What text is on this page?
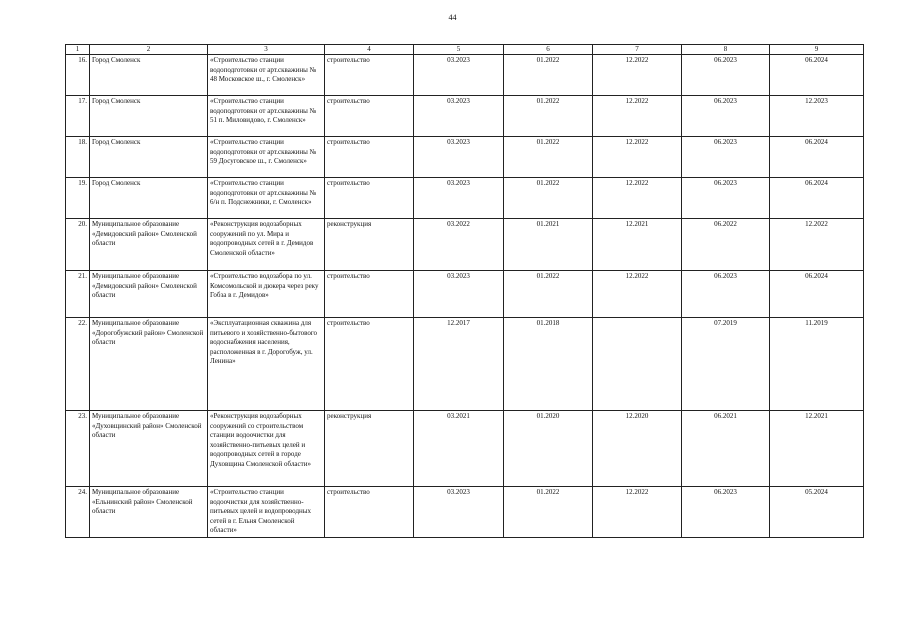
44
1	2	3	4	5	6	7	8	9
16.	Город Смоленск	«Строительство станции водоподготовки от арт.скважины № 48 Московское ш., г. Смоленск»	строительство	03.2023	01.2022	12.2022	06.2023	06.2024
17.	Город Смоленск	«Строительство станции водоподготовки от арт.скважины № 51 п. Миловидово, г. Смоленск»	строительство	03.2023	01.2022	12.2022	06.2023	12.2023
18.	Город Смоленск	«Строительство станции водоподготовки от арт.скважины № 59 Досуговское ш., г. Смоленск»	строительство	03.2023	01.2022	12.2022	06.2023	06.2024
19.	Город Смоленск	«Строительство станции водоподготовки от арт.скважины № 6/н п. Подснежники, г. Смоленск»	строительство	03.2023	01.2022	12.2022	06.2023	06.2024
20.	Муниципальное образование «Демидовский район» Смоленской области	«Реконструкция водозаборных сооружений по ул. Мира и водопроводных сетей в г. Демидов Смоленской области»	реконструкция	03.2022	01.2021	12.2021	06.2022	12.2022
21.	Муниципальное образование «Демидовский район» Смоленской области	«Строительство водозабора по ул. Комсомольской и дюкера через реку Гобза в г. Демидов»	строительство	03.2023	01.2022	12.2022	06.2023	06.2024
22.	Муниципальное образование «Дорогобужский район» Смоленской области	«Эксплуатационная скважина для питьевого и хозяйственно-бытового водоснабжения населения, расположенная в г. Дорогобуж, ул. Ленина»	строительство	12.2017	01.2018		07.2019	11.2019
23.	Муниципальное образование «Духовщинский район» Смоленской области	«Реконструкция водозаборных сооружений со строительством станции водоочистки для хозяйственно-питьевых целей и водопроводных сетей в городе Духовщина Смоленской области»	реконструкция	03.2021	01.2020	12.2020	06.2021	12.2021
24.	Муниципальное образование «Ельнинский район» Смоленской области	«Строительство станции водоочистки для хозяйственно-питьевых целей и водопроводных сетей в г. Ельня Смоленской области»	строительство	03.2023	01.2022	12.2022	06.2023	05.2024
